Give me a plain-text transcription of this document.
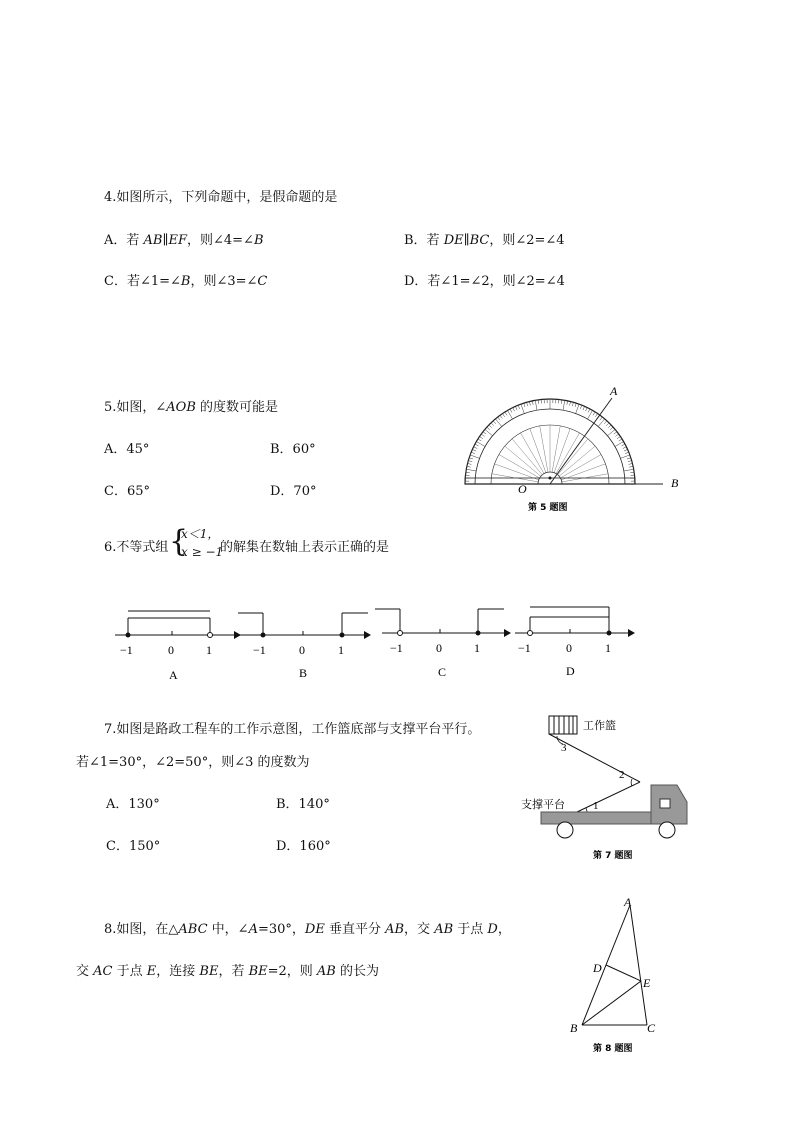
4.如图所示，下列命题中，是假命题的是
A．若 AB∥EF，则∠4=∠B	B．若 DE∥BC，则∠2=∠4
C．若∠1=∠B，则∠3=∠C	D．若∠1=∠2，则∠2=∠4
5.如图，∠AOB 的度数可能是
A．45°	B．60°
C．65°	D．70°
A
B
O
第 5 题图
6.不等式组 {
x＜1，
x ≥ −1
的解集在数轴上表示正确的是
−1	0	1
A
−1	0	1
B
−1	0	1
C
−1	0	1
D
7.如图是路政工程车的工作示意图，工作篮底部与支撑平台平行。
若∠1=30°，∠2=50°，则∠3 的度数为
A．130°	B．140°
C．150°	D．160°
工作篮
3
2
1
支撑平台
第 7 题图
8.如图，在△ABC 中，∠A=30°，DE 垂直平分 AB，交 AB 于点 D，
交 AC 于点 E，连接 BE，若 BE=2，则 AB 的长为
A
B	C
D
E
第 8 题图
